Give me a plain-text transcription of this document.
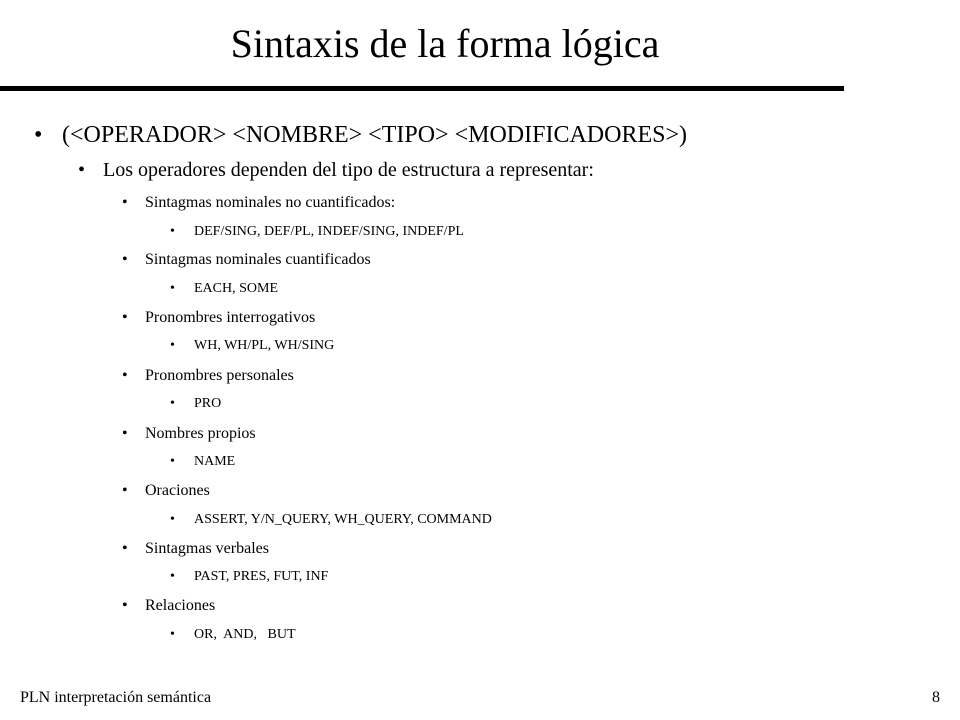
Sintaxis de la forma lógica
• (<OPERADOR> <NOMBRE> <TIPO> <MODIFICADORES>)
• Los operadores dependen del tipo de estructura a representar:
• Sintagmas nominales no cuantificados:
• DEF/SING, DEF/PL, INDEF/SING, INDEF/PL
• Sintagmas nominales cuantificados
• EACH, SOME
• Pronombres interrogativos
• WH, WH/PL, WH/SING
• Pronombres personales
• PRO
• Nombres propios
• NAME
• Oraciones
• ASSERT, Y/N_QUERY, WH_QUERY, COMMAND
• Sintagmas verbales
• PAST, PRES, FUT, INF
• Relaciones
• OR,  AND,   BUT
PLN interpretación semántica	8
